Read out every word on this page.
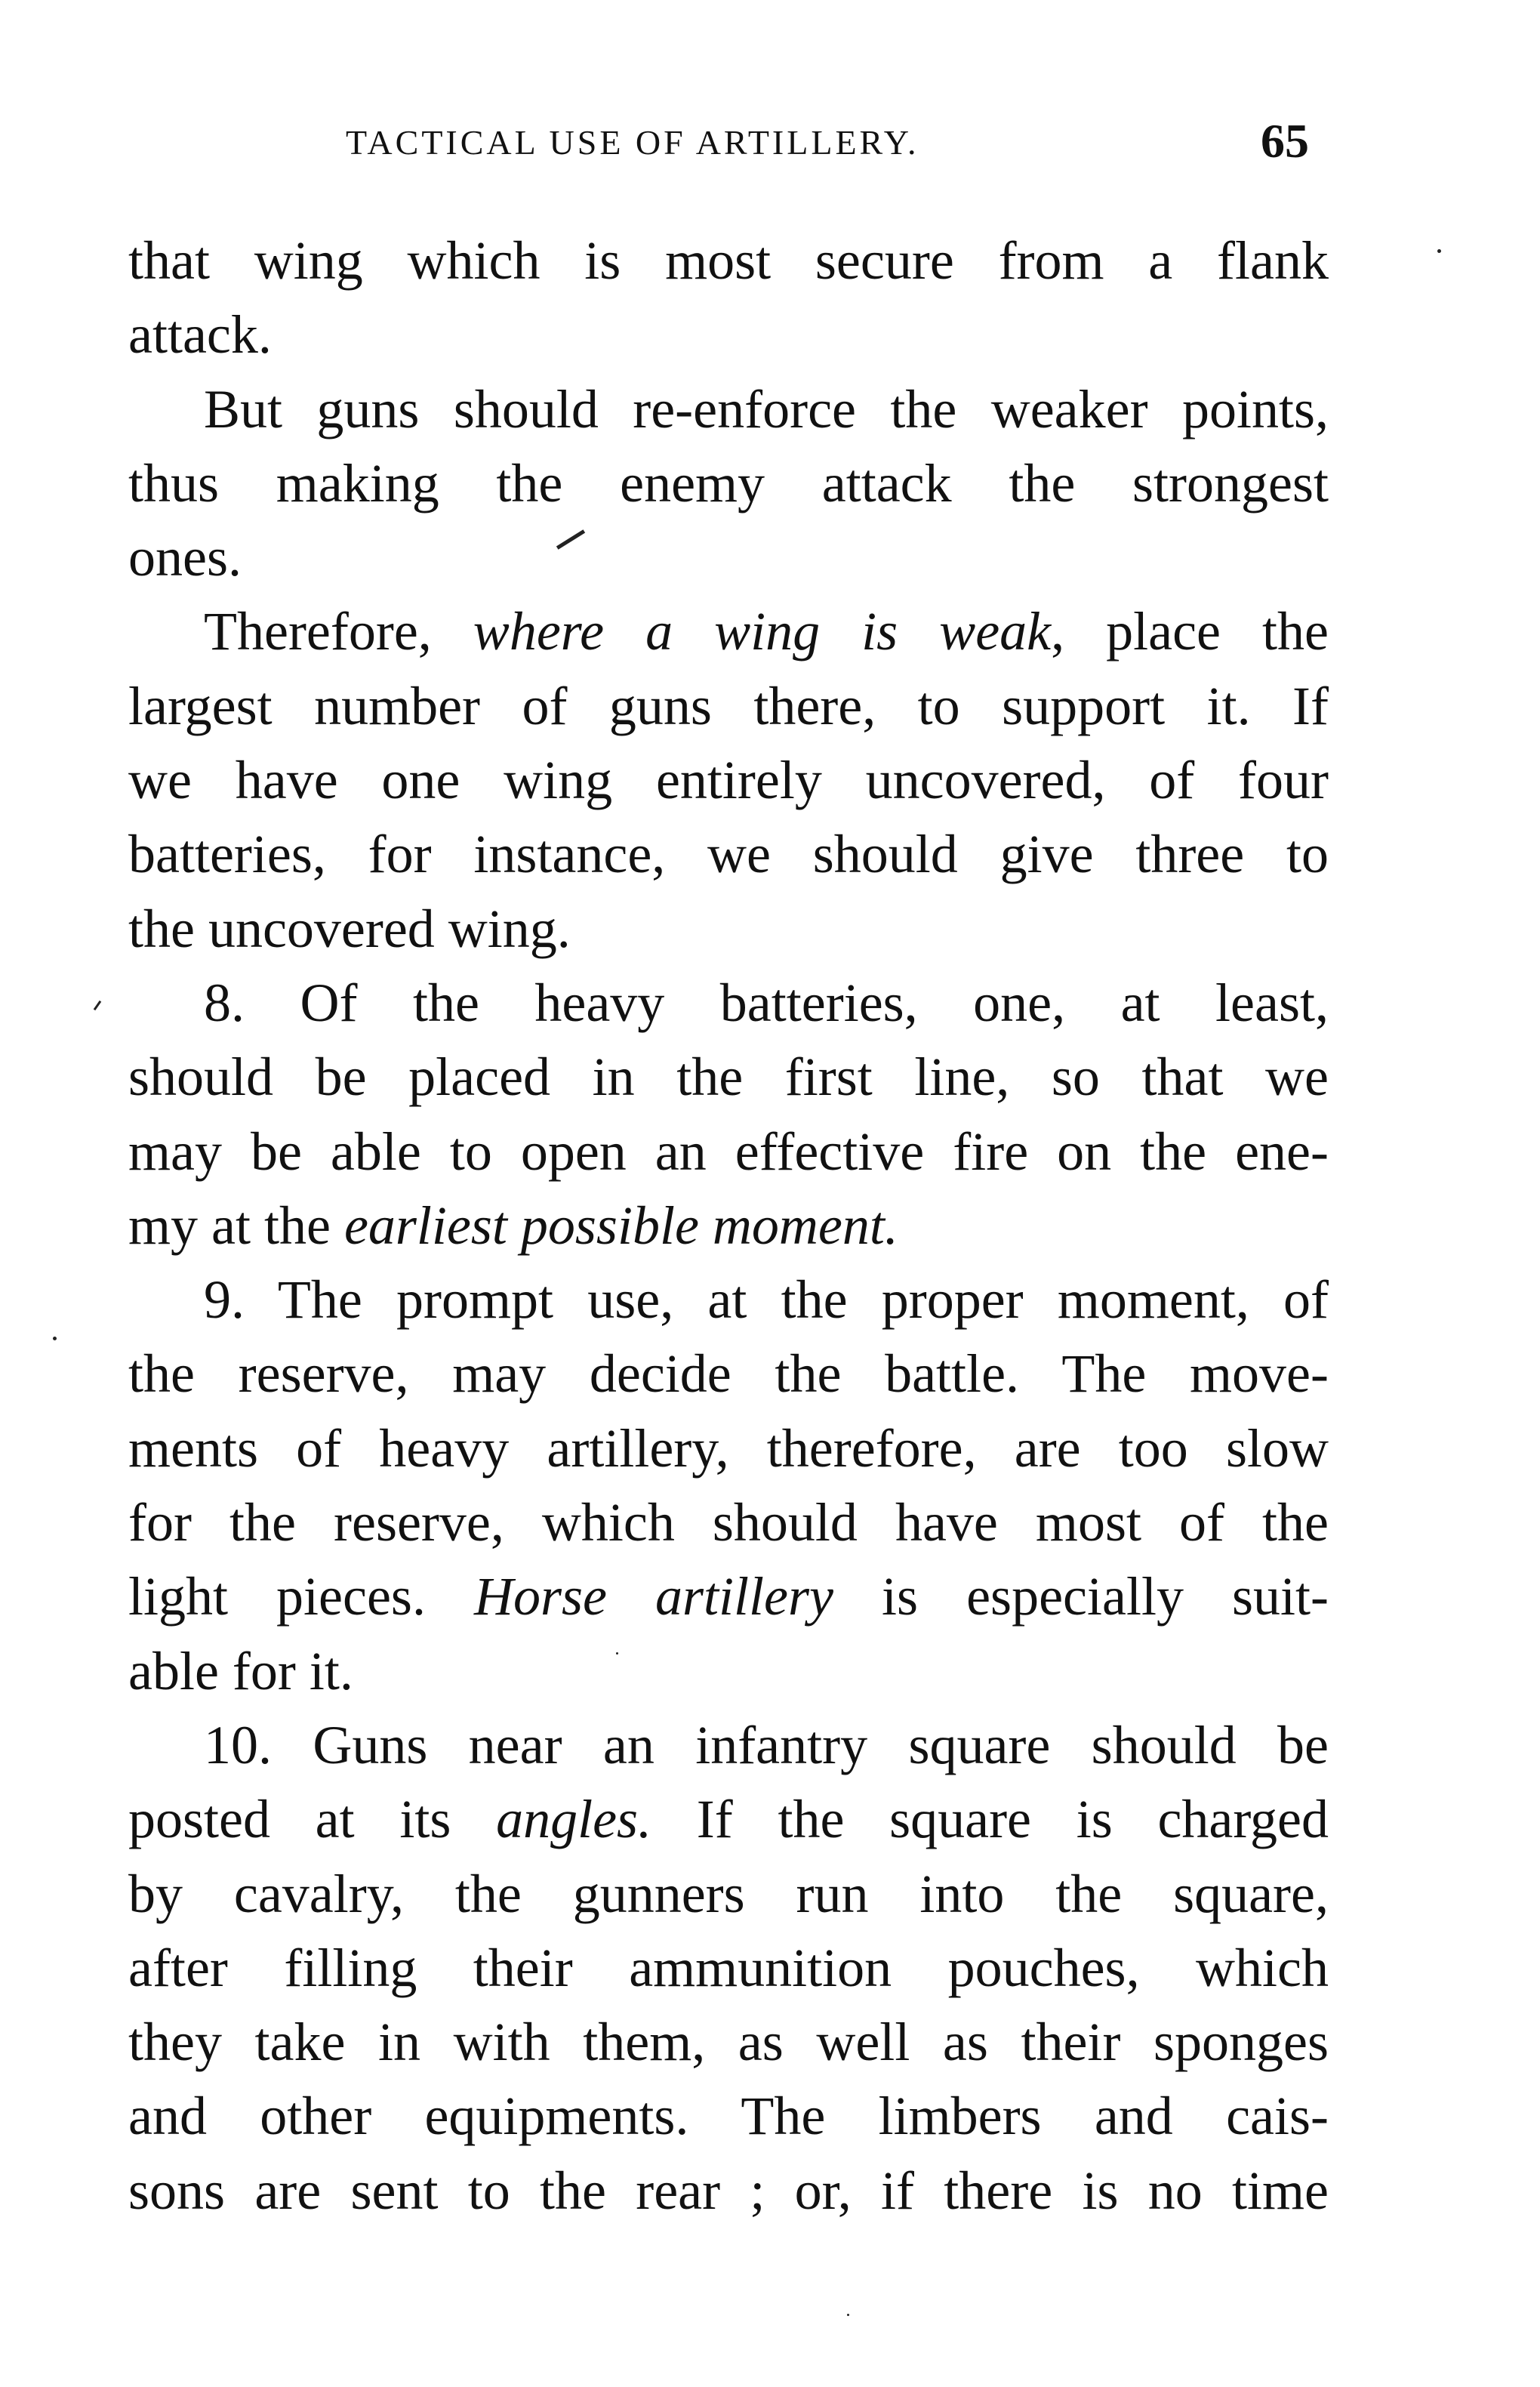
TACTICAL USE OF ARTILLERY.	65
that wing which is most secure from a flank
attack.
But guns should re-enforce the weaker points,
thus making the enemy attack the strongest
ones.
Therefore, where a wing is weak, place the
largest number of guns there, to support it. If
we have one wing entirely uncovered, of four
batteries, for instance, we should give three to
the uncovered wing.
8. Of the heavy batteries, one, at least,
should be placed in the first line, so that we
may be able to open an effective fire on the ene-
my at the earliest possible moment.
9. The prompt use, at the proper moment, of
the reserve, may decide the battle. The move-
ments of heavy artillery, therefore, are too slow
for the reserve, which should have most of the
light pieces. Horse artillery is especially suit-
able for it.
10. Guns near an infantry square should be
posted at its angles. If the square is charged
by cavalry, the gunners run into the square,
after filling their ammunition pouches, which
they take in with them, as well as their sponges
and other equipments. The limbers and cais-
sons are sent to the rear ; or, if there is no time
